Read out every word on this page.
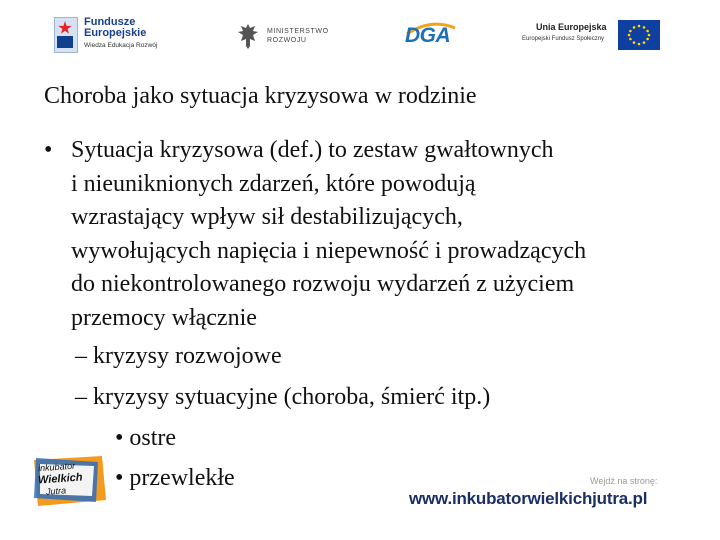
Fundusze
Europejskie
Wiedza Edukacja Rozwój
MINISTERSTWO
ROZWOJU	DGA	Unia Europejska
Europejski Fundusz Społeczny
Choroba jako sytuacja kryzysowa w rodzinie
• Sytuacja kryzysowa (def.) to zestaw gwałtownych
i nieuniknionych zdarzeń, które powodują
wzrastający wpływ sił destabilizujących,
wywołujących napięcia i niepewność i prowadzących
do niekontrolowanego rozwoju wydarzeń z użyciem
przemocy włącznie
– kryzysy rozwojowe
– kryzysy sytuacyjne (choroba, śmierć itp.)
• ostre
• przewlekłe
inkubator
Wielkich
Jutra
Wejdź na stronę:
www.inkubatorwielkichjutra.pl
